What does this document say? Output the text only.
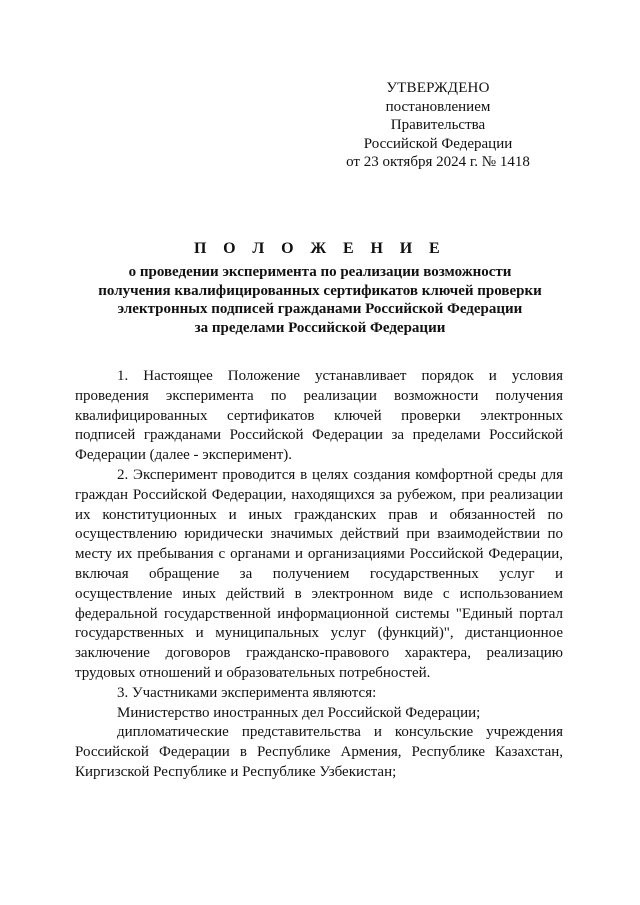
УТВЕРЖДЕНО
постановлением Правительства
Российской Федерации
от 23 октября 2024 г. № 1418
П О Л О Ж Е Н И Е
о проведении эксперимента по реализации возможности
получения квалифицированных сертификатов ключей проверки
электронных подписей гражданами Российской Федерации
за пределами Российской Федерации

1. Настоящее Положение устанавливает порядок и условия проведения эксперимента по реализации возможности получения квалифицированных сертификатов ключей проверки электронных подписей гражданами Российской Федерации за пределами Российской Федерации (далее - эксперимент).

2. Эксперимент проводится в целях создания комфортной среды для граждан Российской Федерации, находящихся за рубежом, при реализации их конституционных и иных гражданских прав и обязанностей по осуществлению юридически значимых действий при взаимодействии по месту их пребывания с органами и организациями Российской Федерации, включая обращение за получением государственных услуг и осуществление иных действий в электронном виде с использованием федеральной государственной информационной системы "Единый портал государственных и муниципальных услуг (функций)", дистанционное заключение договоров гражданско-правового характера, реализацию трудовых отношений и образовательных потребностей.

3. Участниками эксперимента являются:

Министерство иностранных дел Российской Федерации;

дипломатические представительства и консульские учреждения Российской Федерации в Республике Армения, Республике Казахстан, Киргизской Республике и Республике Узбекистан;
